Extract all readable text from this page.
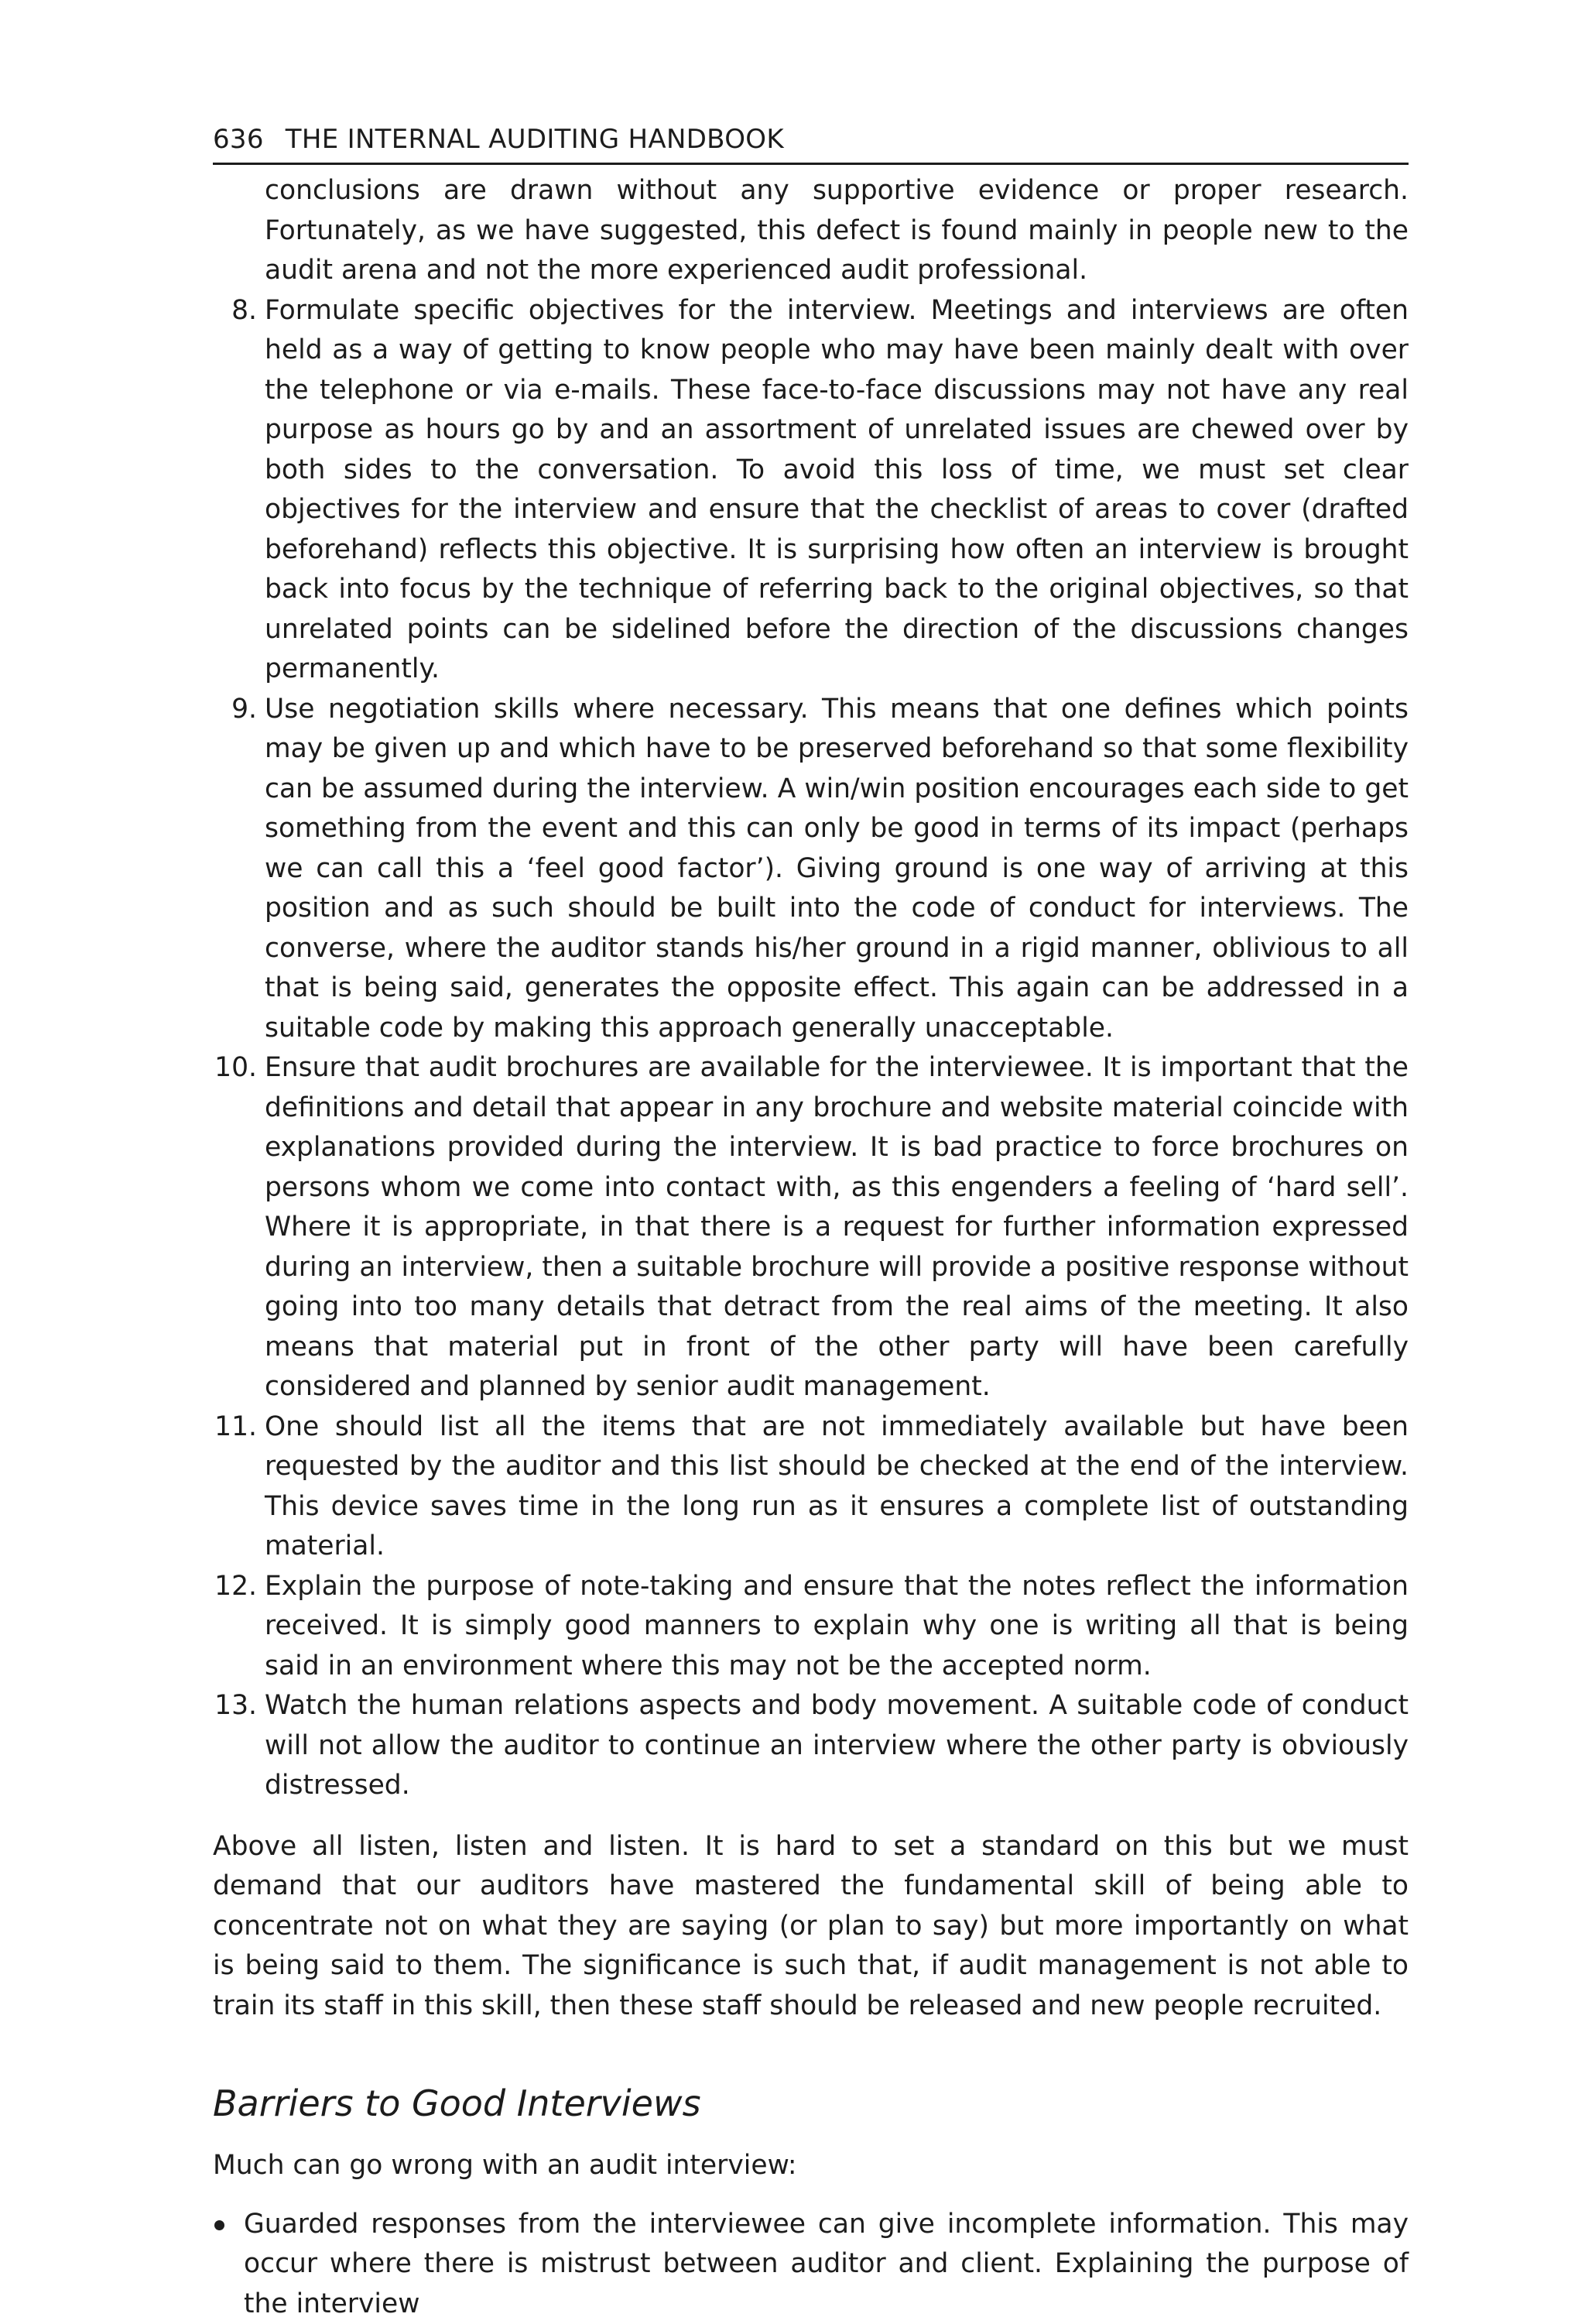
636 THE INTERNAL AUDITING HANDBOOK

conclusions are drawn without any supportive evidence or proper research. Fortunately, as we have suggested, this defect is found mainly in people new to the audit arena and not the more experienced audit professional.

8. Formulate specific objectives for the interview. Meetings and interviews are often held as a way of getting to know people who may have been mainly dealt with over the telephone or via e-mails. These face-to-face discussions may not have any real purpose as hours go by and an assortment of unrelated issues are chewed over by both sides to the conversation. To avoid this loss of time, we must set clear objectives for the interview and ensure that the checklist of areas to cover (drafted beforehand) reflects this objective. It is surprising how often an interview is brought back into focus by the technique of referring back to the original objectives, so that unrelated points can be sidelined before the direction of the discussions changes permanently.
9. Use negotiation skills where necessary. This means that one defines which points may be given up and which have to be preserved beforehand so that some flexibility can be assumed during the interview. A win/win position encourages each side to get something from the event and this can only be good in terms of its impact (perhaps we can call this a ‘feel good factor’). Giving ground is one way of arriving at this position and as such should be built into the code of conduct for interviews. The converse, where the auditor stands his/her ground in a rigid manner, oblivious to all that is being said, generates the opposite effect. This again can be addressed in a suitable code by making this approach generally unacceptable.
10. Ensure that audit brochures are available for the interviewee. It is important that the definitions and detail that appear in any brochure and website material coincide with explanations provided during the interview. It is bad practice to force brochures on persons whom we come into contact with, as this engenders a feeling of ‘hard sell’. Where it is appropriate, in that there is a request for further information expressed during an interview, then a suitable brochure will provide a positive response without going into too many details that detract from the real aims of the meeting. It also means that material put in front of the other party will have been carefully considered and planned by senior audit management.
11. One should list all the items that are not immediately available but have been requested by the auditor and this list should be checked at the end of the interview. This device saves time in the long run as it ensures a complete list of outstanding material.
12. Explain the purpose of note-taking and ensure that the notes reflect the information received. It is simply good manners to explain why one is writing all that is being said in an environment where this may not be the accepted norm.
13. Watch the human relations aspects and body movement. A suitable code of conduct will not allow the auditor to continue an interview where the other party is obviously distressed.

Above all listen, listen and listen. It is hard to set a standard on this but we must demand that our auditors have mastered the fundamental skill of being able to concentrate not on what they are saying (or plan to say) but more importantly on what is being said to them. The significance is such that, if audit management is not able to train its staff in this skill, then these staff should be released and new people recruited.

Barriers to Good Interviews

Much can go wrong with an audit interview:

Guarded responses from the interviewee can give incomplete information. This may occur where there is mistrust between auditor and client. Explaining the purpose of the interview
